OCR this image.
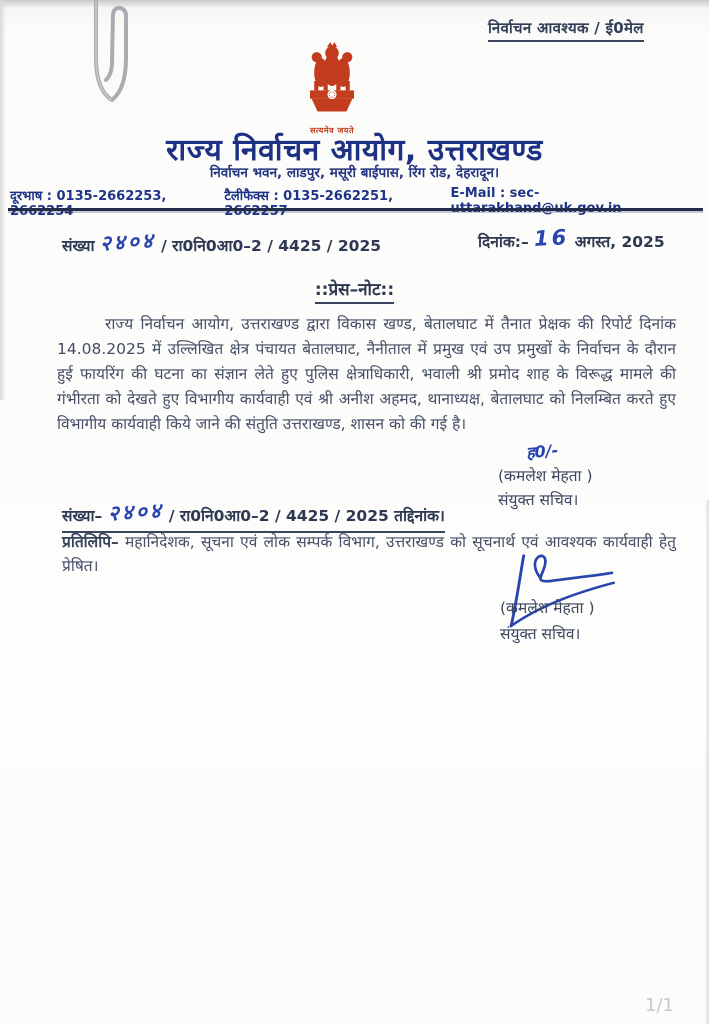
निर्वाचन आवश्यक / ई0मेल
सत्यमेव जयते
राज्य निर्वाचन आयोग, उत्तराखण्ड
निर्वाचन भवन, लाडपुर, मसूरी बाईपास, रिंग रोड, देहरादून।
दूरभाष : 0135-2662253, 2662254
टैलीफैक्स : 0135-2662251, 2662257
E-Mail : sec-uttarakhand@uk.gov.in
संख्या २४०४ / रा0नि0आ0–2 / 4425 / 2025	दिनांक:– 16 अगस्त, 2025
::प्रेस–नोट::
राज्य निर्वाचन आयोग, उत्तराखण्ड द्वारा विकास खण्ड, बेतालघाट में तैनात प्रेक्षक की रिपोर्ट दिनांक 14.08.2025 में उल्लिखित क्षेत्र पंचायत बेतालघाट, नैनीताल में प्रमुख एवं उप प्रमुखों के निर्वाचन के दौरान हुई फायरिंग की घटना का संज्ञान लेते हुए पुलिस क्षेत्राधिकारी, भवाली श्री प्रमोद शाह के विरूद्ध मामले की गंभीरता को देखते हुए विभागीय कार्यवाही एवं श्री अनीश अहमद, थानाध्यक्ष, बेतालघाट को निलम्बित करते हुए विभागीय कार्यवाही किये जाने की संतुति उत्तराखण्ड, शासन को की गई है।
ह0/-
(कमलेश मेहता )
संयुक्त सचिव।
संख्या– २४०४ / रा0नि0आ0–2 / 4425 / 2025 तद्दिनांक।
प्रतिलिपि– महानिदेशक, सूचना एवं लोक सम्पर्क विभाग, उत्तराखण्ड को सूचनार्थ एवं आवश्यक कार्यवाही हेतु प्रेषित।
(कमलेश मेहता )
संयुक्त सचिव।
1/1
